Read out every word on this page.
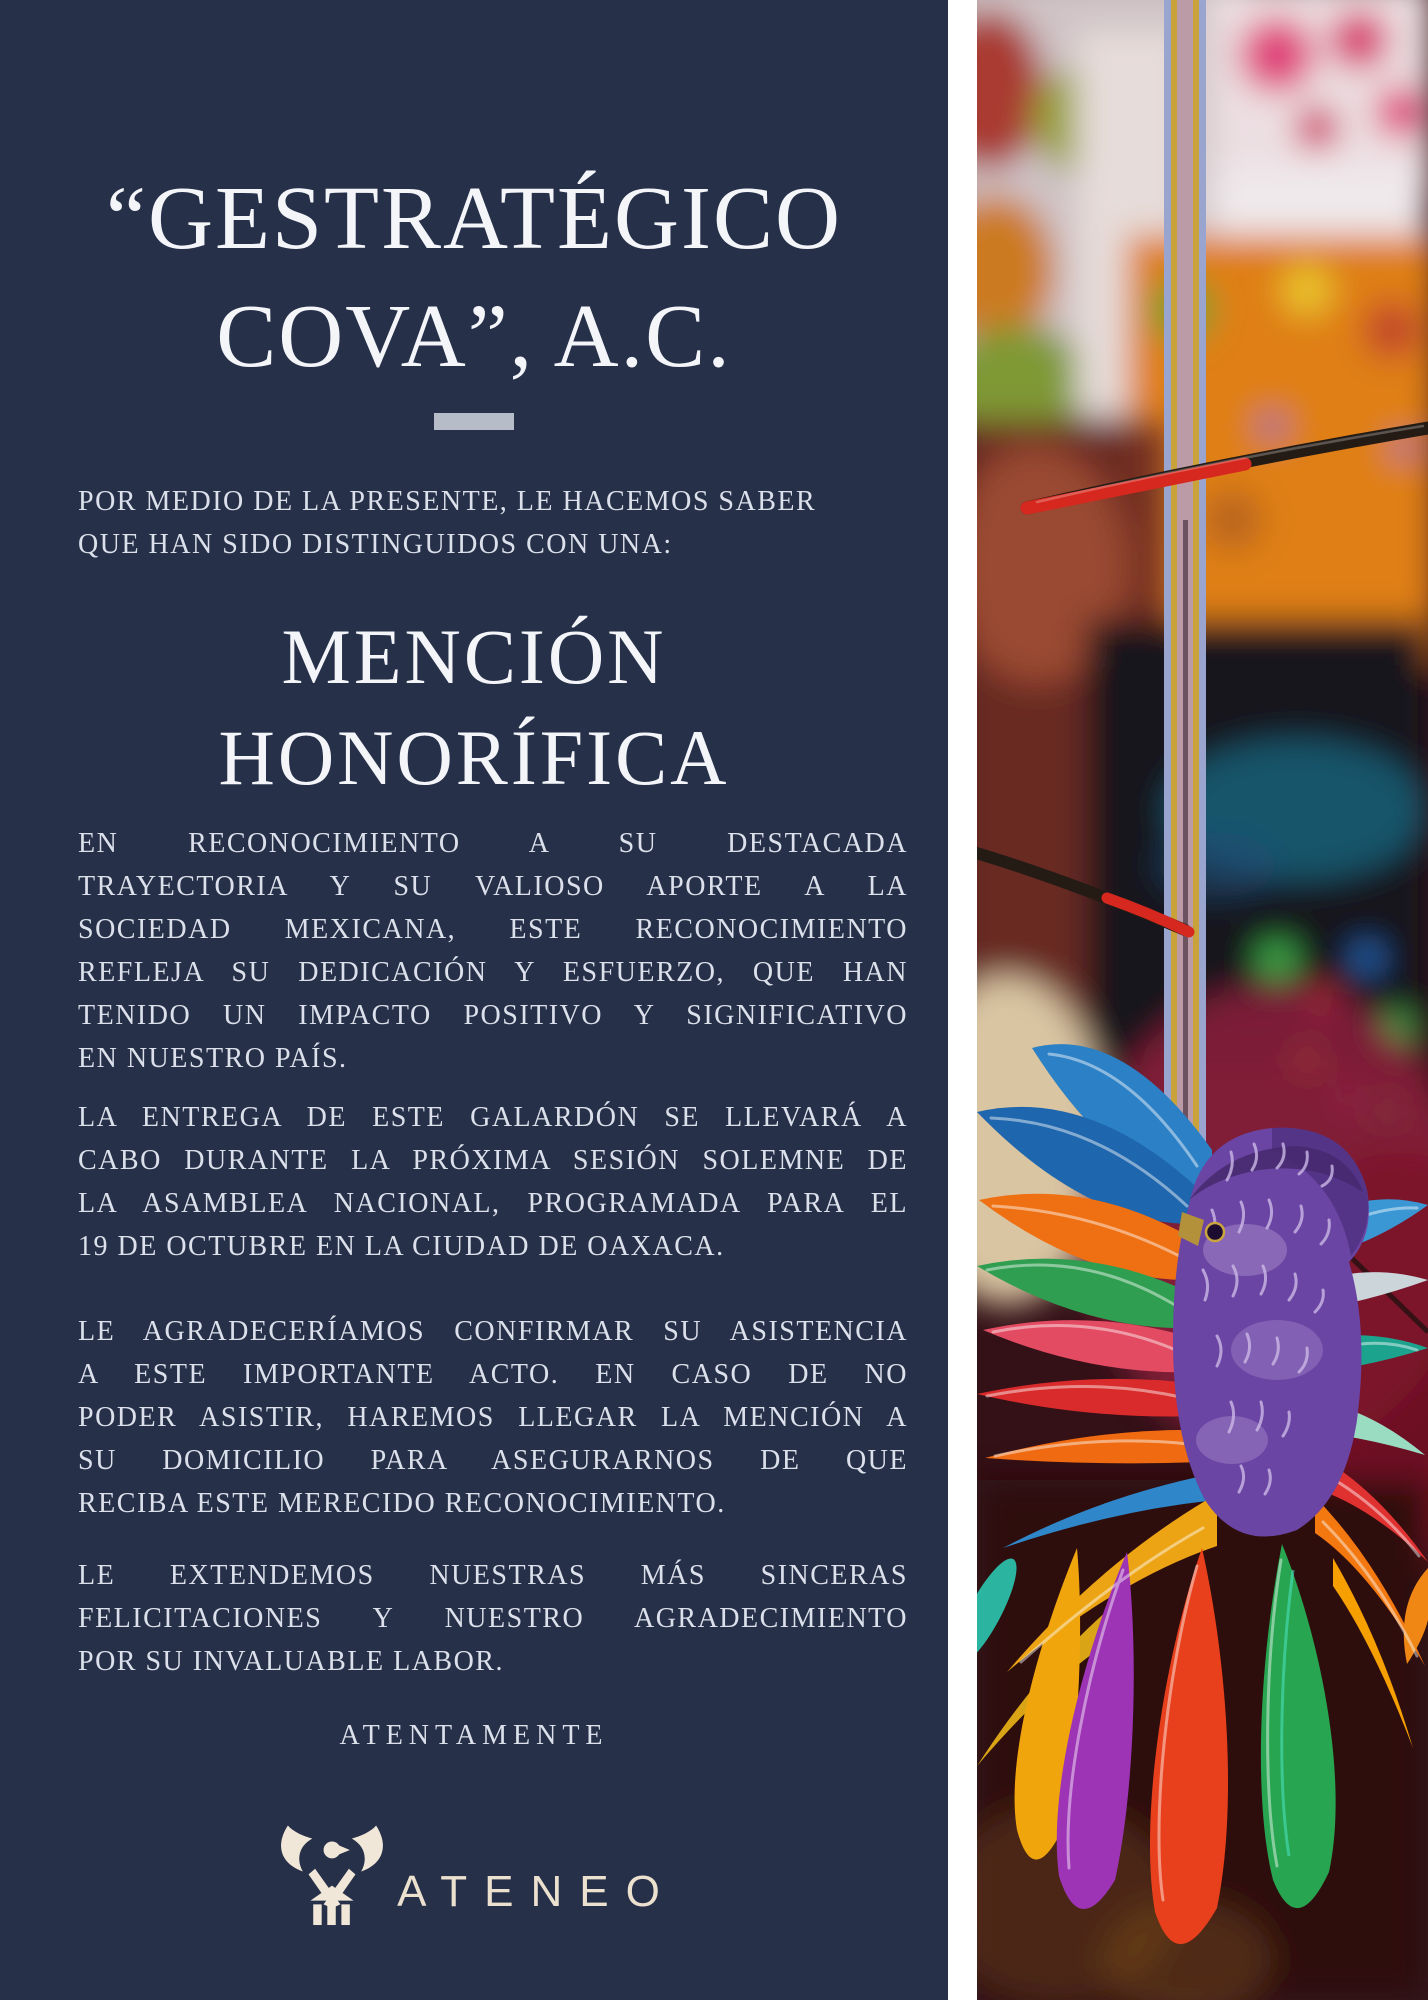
“GESTRATÉGICO
COVA”, A.C.
POR MEDIO DE LA PRESENTE, LE HACEMOS SABER
QUE HAN SIDO DISTINGUIDOS CON UNA:
MENCIÓN
HONORÍFICA
EN RECONOCIMIENTO A SU DESTACADA
TRAYECTORIA Y SU VALIOSO APORTE A LA
SOCIEDAD MEXICANA, ESTE RECONOCIMIENTO
REFLEJA SU DEDICACIÓN Y ESFUERZO, QUE HAN
TENIDO UN IMPACTO POSITIVO Y SIGNIFICATIVO
EN NUESTRO PAÍS.
LA ENTREGA DE ESTE GALARDÓN SE LLEVARÁ A
CABO DURANTE LA PRÓXIMA SESIÓN SOLEMNE DE
LA ASAMBLEA NACIONAL, PROGRAMADA PARA EL
19 DE OCTUBRE EN LA CIUDAD DE OAXACA.
LE AGRADECERÍAMOS CONFIRMAR SU ASISTENCIA
A ESTE IMPORTANTE ACTO. EN CASO DE NO
PODER ASISTIR, HAREMOS LLEGAR LA MENCIÓN A
SU DOMICILIO PARA ASEGURARNOS DE QUE
RECIBA ESTE MERECIDO RECONOCIMIENTO.
LE EXTENDEMOS NUESTRAS MÁS SINCERAS
FELICITACIONES Y NUESTRO AGRADECIMIENTO
POR SU INVALUABLE LABOR.
ATENTAMENTE
ATENEO
